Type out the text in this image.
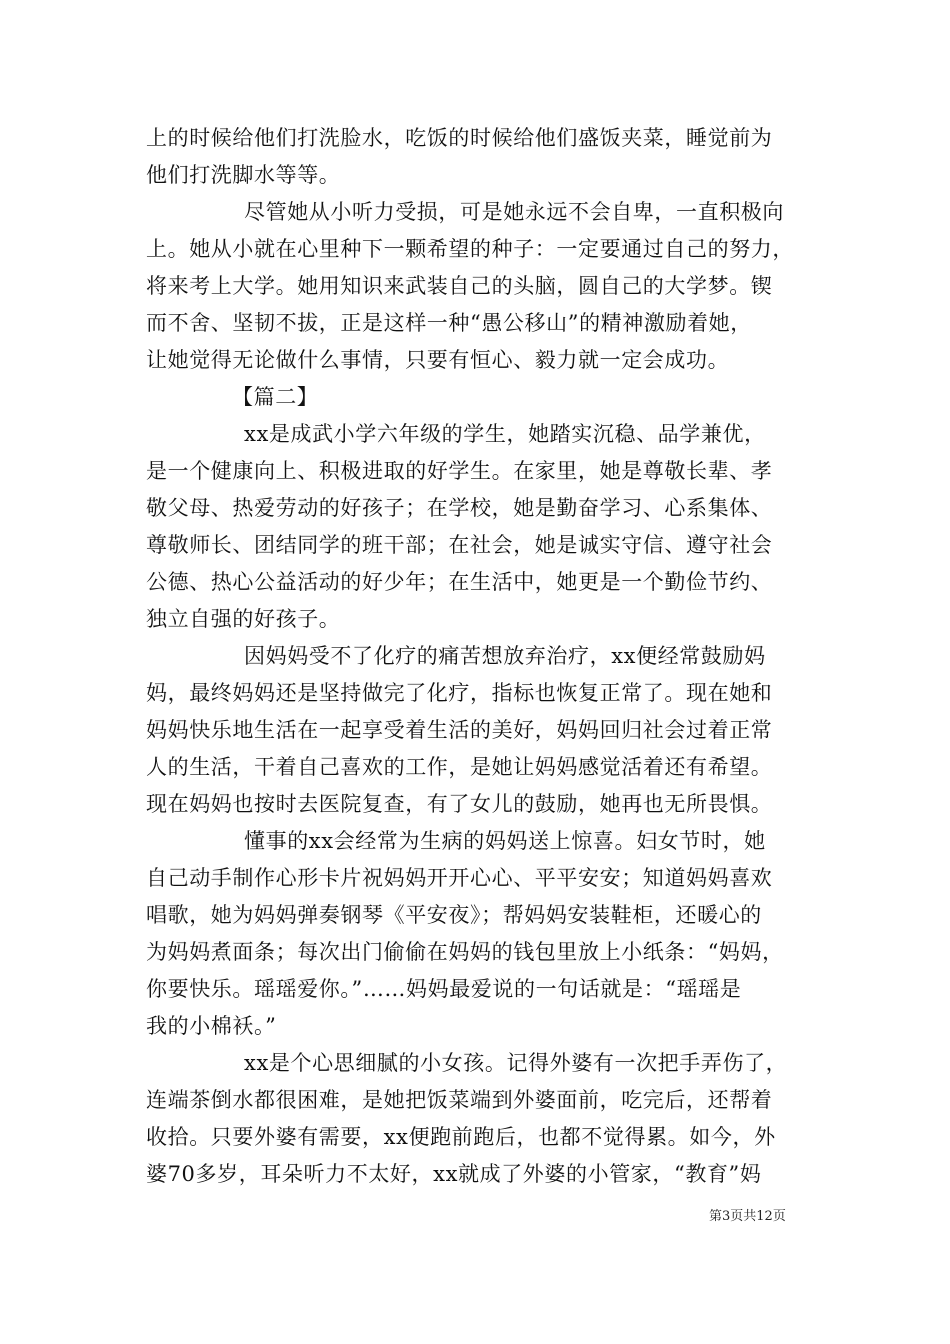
上的时候给他们打洗脸水，吃饭的时候给他们盛饭夹菜，睡觉前为
他们打洗脚水等等。
尽管她从小听力受损，可是她永远不会自卑，一直积极向
上。她从小就在心里种下一颗希望的种子：一定要通过自己的努力，
将来考上大学。她用知识来武装自己的头脑，圆自己的大学梦。锲
而不舍、坚韧不拔，正是这样一种“愚公移山”的精神激励着她，
让她觉得无论做什么事情，只要有恒心、毅力就一定会成功。
【篇二】
xx是成武小学六年级的学生，她踏实沉稳、品学兼优，
是一个健康向上、积极进取的好学生。在家里，她是尊敬长辈、孝
敬父母、热爱劳动的好孩子；在学校，她是勤奋学习、心系集体、
尊敬师长、团结同学的班干部；在社会，她是诚实守信、遵守社会
公德、热心公益活动的好少年；在生活中，她更是一个勤俭节约、
独立自强的好孩子。
因妈妈受不了化疗的痛苦想放弃治疗，xx便经常鼓励妈
妈，最终妈妈还是坚持做完了化疗，指标也恢复正常了。现在她和
妈妈快乐地生活在一起享受着生活的美好，妈妈回归社会过着正常
人的生活，干着自己喜欢的工作，是她让妈妈感觉活着还有希望。
现在妈妈也按时去医院复查，有了女儿的鼓励，她再也无所畏惧。
懂事的xx会经常为生病的妈妈送上惊喜。妇女节时，她
自己动手制作心形卡片祝妈妈开开心心、平平安安；知道妈妈喜欢
唱歌，她为妈妈弹奏钢琴《平安夜》；帮妈妈安装鞋柜，还暖心的
为妈妈煮面条；每次出门偷偷在妈妈的钱包里放上小纸条：“妈妈，
你要快乐。瑶瑶爱你。”……妈妈最爱说的一句话就是：“瑶瑶是
我的小棉袄。”
xx是个心思细腻的小女孩。记得外婆有一次把手弄伤了，
连端茶倒水都很困难，是她把饭菜端到外婆面前，吃完后，还帮着
收拾。只要外婆有需要，xx便跑前跑后，也都不觉得累。如今，外
婆70多岁，耳朵听力不太好，xx就成了外婆的小管家，“教育”妈
第3页共12页
